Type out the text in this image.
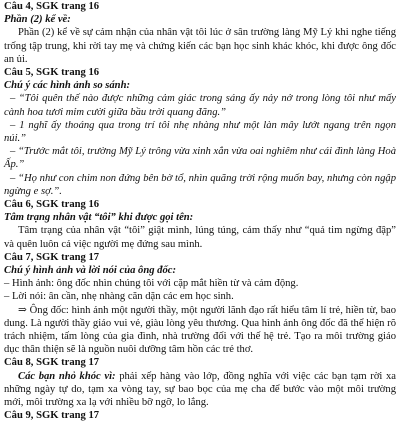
Câu 4, SGK trang 16

Phần (2) kể về:

Phần (2) kể về sự cảm nhận của nhân vật tôi lúc ở sân trường làng Mỹ Lý khi nghe tiếng trống tập trung, khi rời tay mẹ và chứng kiến các bạn học sinh khác khóc, khi được ông đốc an ủi.

Câu 5, SGK trang 16

Chú ý các hình ảnh so sánh:

– “Tôi quên thế nào được những cảm giác trong sáng ấy nảy nở trong lòng tôi như mấy cành hoa tươi mỉm cười giữa bầu trời quang đãng.”

– 1 nghĩ ấy thoáng qua trong trí tôi nhẹ nhàng như một làn mây lướt ngang trên ngọn núi.”

– “Trước mắt tôi, trường Mỹ Lý trông vừa xinh xắn vừa oai nghiêm như cái đình làng Hoà Ấp.”

– “Họ như con chim non đứng bên bờ tổ, nhìn quãng trời rộng muốn bay, nhưng còn ngập ngừng e sợ.”.

Câu 6, SGK trang 16

Tâm trạng nhân vật “tôi” khi được gọi tên:

Tâm trạng của nhân vật “tôi” giật mình, lúng túng, cảm thấy như “quả tim ngừng đập” và quên luôn cả việc người mẹ đứng sau mình.

Câu 7, SGK trang 17

Chú ý hình ảnh và lời nói của ông đốc:

– Hình ảnh: ông đốc nhìn chúng tôi với cặp mắt hiền từ và cảm động.

– Lời nói: ân cần, nhẹ nhàng căn dặn các em học sinh.

⇒ Ông đốc: hình ảnh một người thầy, một người lãnh đạo rất hiểu tâm lí trẻ, hiền từ, bao dung. Là người thầy giáo vui vẻ, giàu lòng yêu thương. Qua hình ảnh ông đốc đã thể hiện rõ trách nhiệm, tấm lòng của gia đình, nhà trường đối với thế hệ trẻ. Tạo ra môi trường giáo dục thân thiện sẽ là nguồn nuôi dưỡng tâm hồn các trẻ thơ.

Câu 8, SGK trang 17

Các bạn nhỏ khóc vì: phải xếp hàng vào lớp, đồng nghĩa với việc các bạn tạm rời xa những ngày tự do, tạm xa vòng tay, sự bao bọc của mẹ cha để bước vào một môi trường mới, môi trường xa lạ với nhiều bỡ ngỡ, lo lắng.

Câu 9, SGK trang 17
